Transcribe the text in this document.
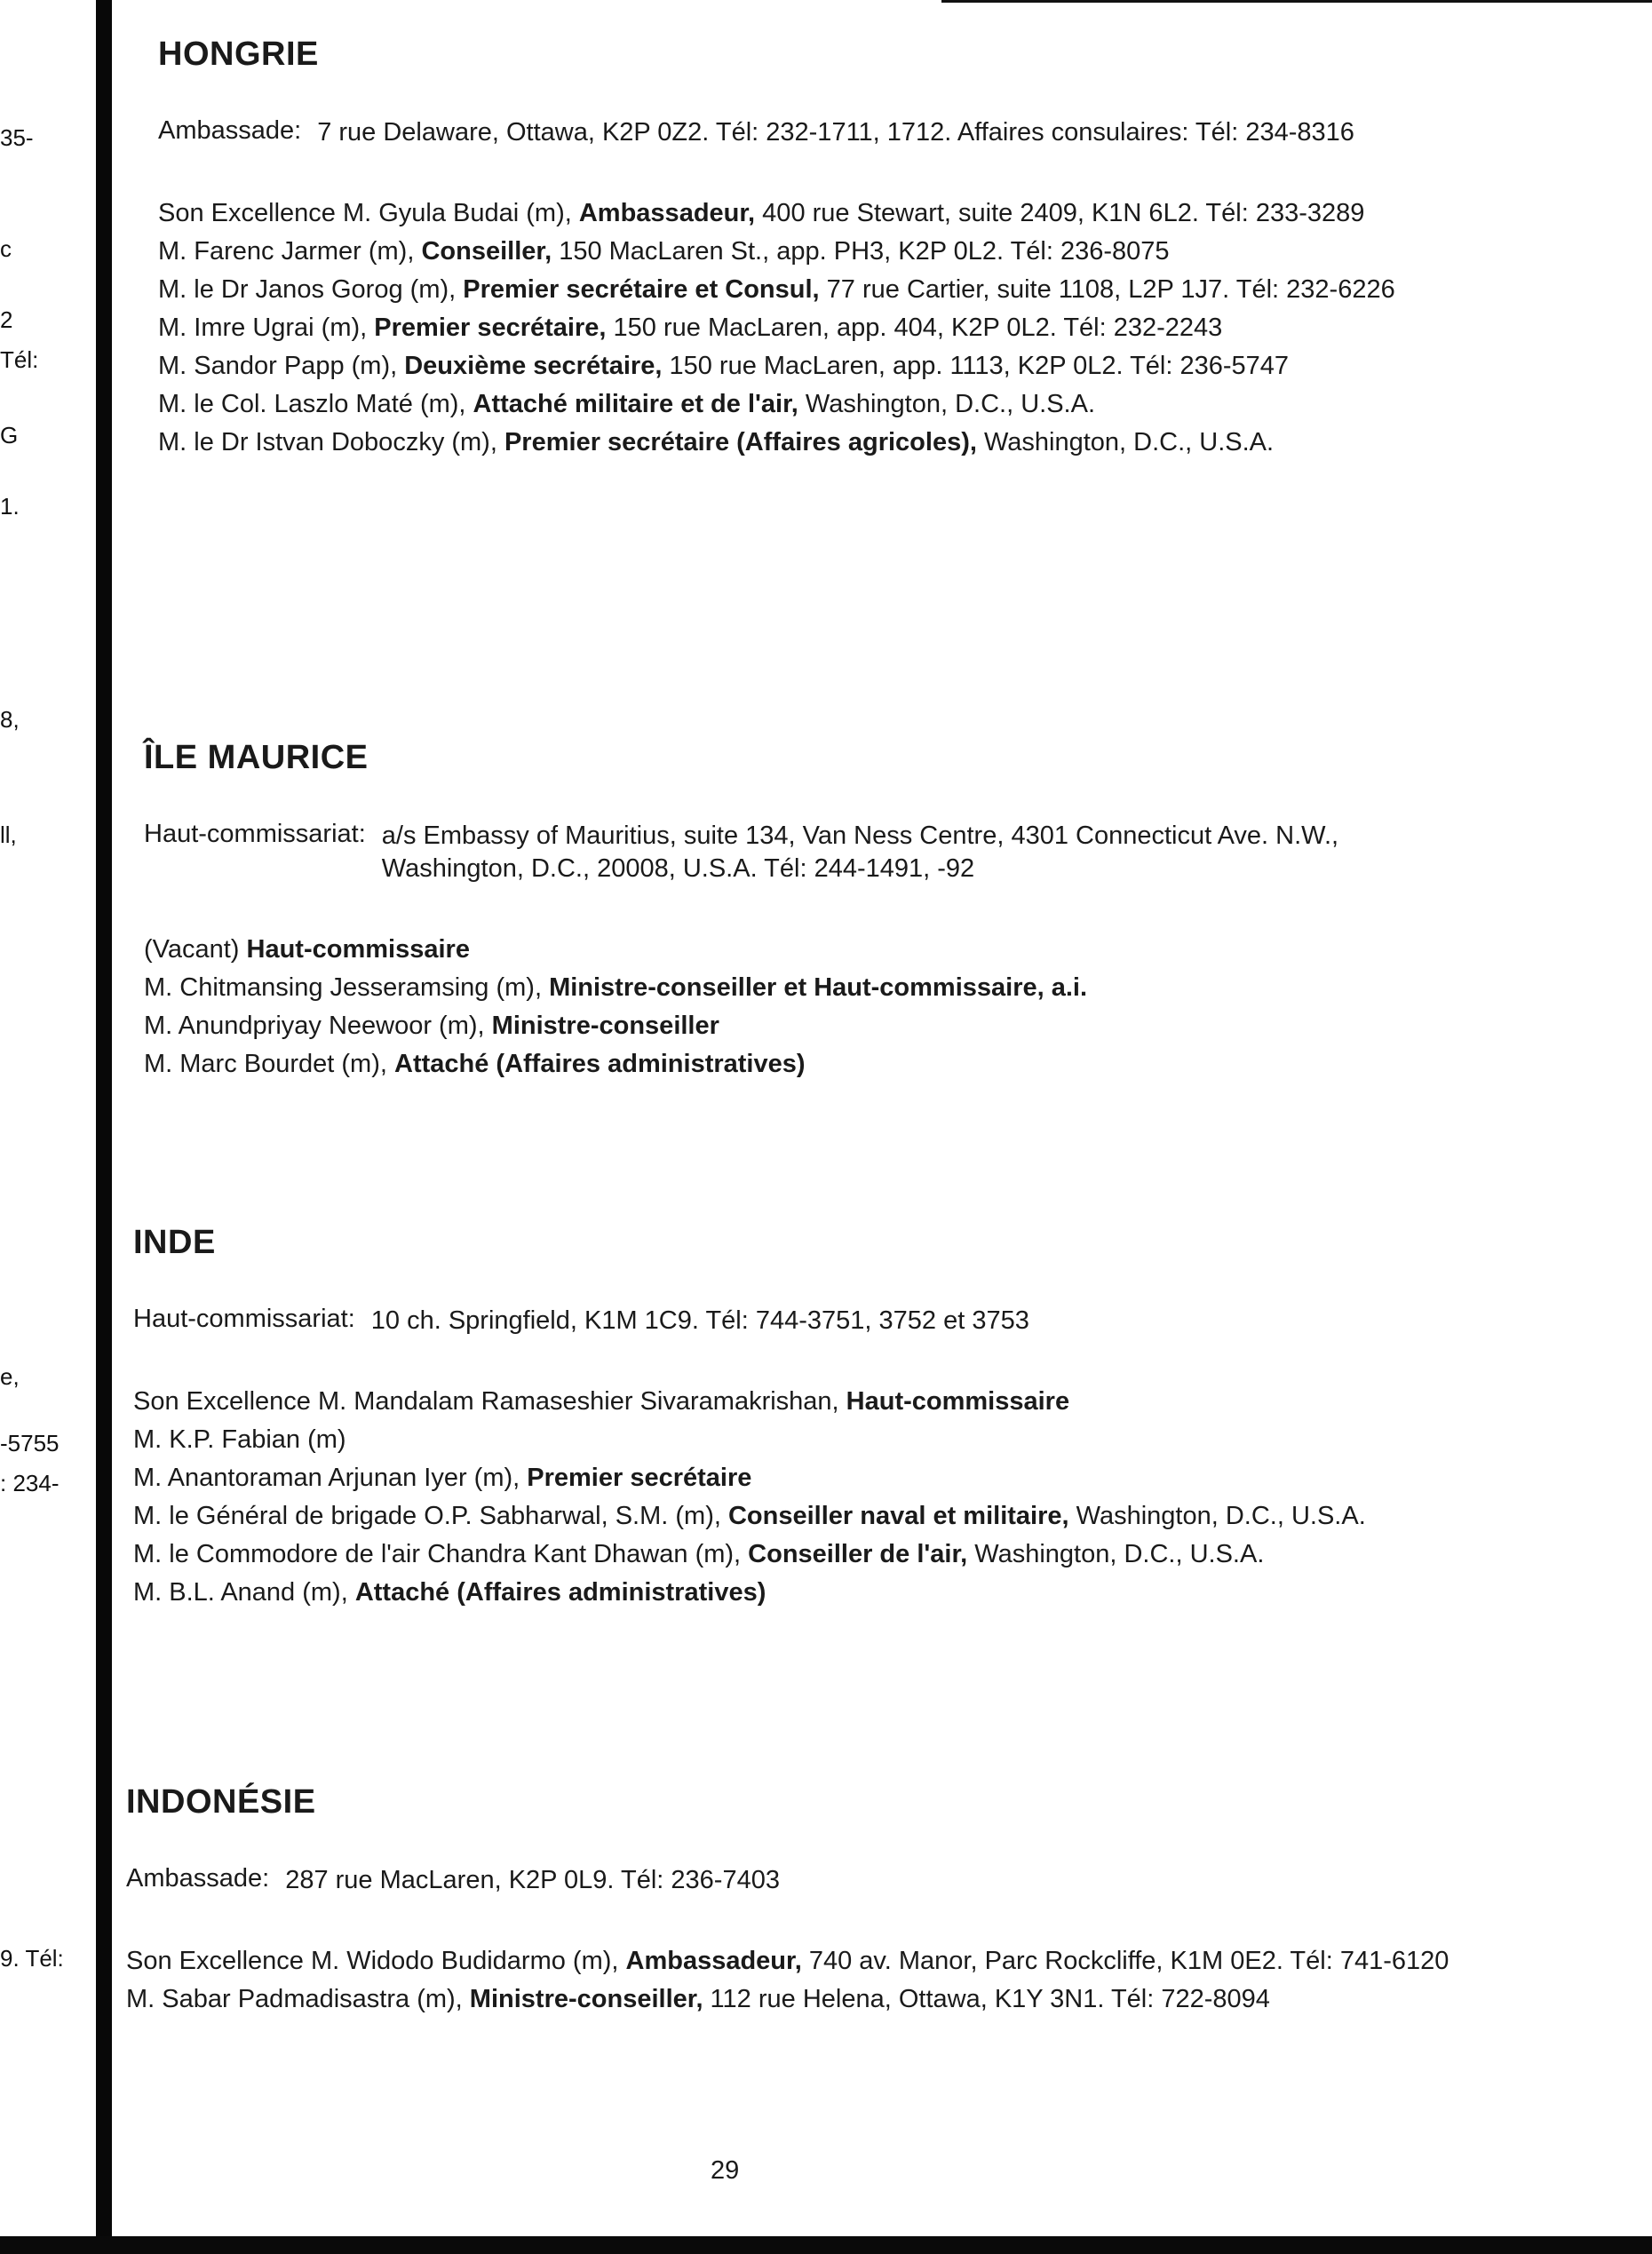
35-
c
2
Tél:
G
1.
8,
ll,
e,
-5755
: 234-
9. Tél:
HONGRIE
Ambassade: 7 rue Delaware, Ottawa, K2P 0Z2. Tél: 232-1711, 1712. Affaires consulaires: Tél: 234-8316

Son Excellence M. Gyula Budai (m), Ambassadeur, 400 rue Stewart, suite 2409, K1N 6L2. Tél: 233-3289

M. Farenc Jarmer (m), Conseiller, 150 MacLaren St., app. PH3, K2P 0L2. Tél: 236-8075

M. le Dr Janos Gorog (m), Premier secrétaire et Consul, 77 rue Cartier, suite 1108, L2P 1J7. Tél: 232-6226

M. Imre Ugrai (m), Premier secrétaire, 150 rue MacLaren, app. 404, K2P 0L2. Tél: 232-2243

M. Sandor Papp (m), Deuxième secrétaire, 150 rue MacLaren, app. 1113, K2P 0L2. Tél: 236-5747

M. le Col. Laszlo Maté (m), Attaché militaire et de l'air, Washington, D.C., U.S.A.

M. le Dr Istvan Doboczky (m), Premier secrétaire (Affaires agricoles), Washington, D.C., U.S.A.

ÎLE MAURICE
Haut-commissariat: a/s Embassy of Mauritius, suite 134, Van Ness Centre, 4301 Connecticut Ave. N.W., Washington, D.C., 20008, U.S.A. Tél: 244-1491, -92

(Vacant) Haut-commissaire

M. Chitmansing Jesseramsing (m), Ministre-conseiller et Haut-commissaire, a.i.

M. Anundpriyay Neewoor (m), Ministre-conseiller

M. Marc Bourdet (m), Attaché (Affaires administratives)

INDE
Haut-commissariat: 10 ch. Springfield, K1M 1C9. Tél: 744-3751, 3752 et 3753

Son Excellence M. Mandalam Ramaseshier Sivaramakrishan, Haut-commissaire

M. K.P. Fabian (m)

M. Anantoraman Arjunan Iyer (m), Premier secrétaire

M. le Général de brigade O.P. Sabharwal, S.M. (m), Conseiller naval et militaire, Washington, D.C., U.S.A.

M. le Commodore de l'air Chandra Kant Dhawan (m), Conseiller de l'air, Washington, D.C., U.S.A.

M. B.L. Anand (m), Attaché (Affaires administratives)

INDONÉSIE
Ambassade: 287 rue MacLaren, K2P 0L9. Tél: 236-7403

Son Excellence M. Widodo Budidarmo (m), Ambassadeur, 740 av. Manor, Parc Rockcliffe, K1M 0E2. Tél: 741-6120

M. Sabar Padmadisastra (m), Ministre-conseiller, 112 rue Helena, Ottawa, K1Y 3N1. Tél: 722-8094

29
